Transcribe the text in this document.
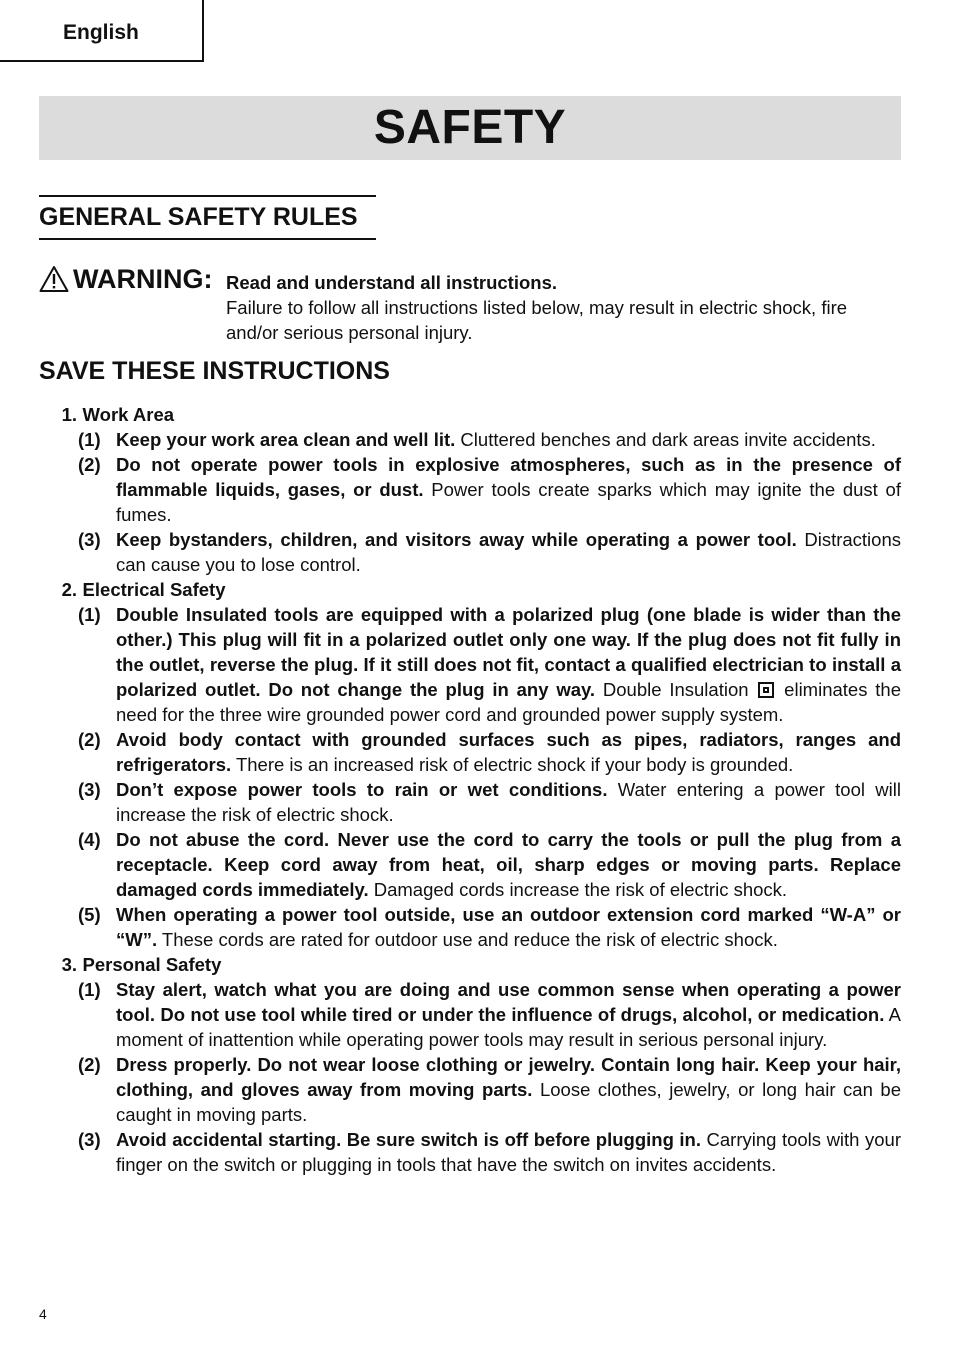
English
SAFETY
GENERAL SAFETY RULES
WARNING: Read and understand all instructions.
Failure to follow all instructions listed below, may result in electric shock, fire and/or serious personal injury.
SAVE THESE INSTRUCTIONS
1. Work Area
(1) Keep your work area clean and well lit. Cluttered benches and dark areas invite accidents.
(2) Do not operate power tools in explosive atmospheres, such as in the presence of flammable liquids, gases, or dust. Power tools create sparks which may ignite the dust of fumes.
(3) Keep bystanders, children, and visitors away while operating a power tool. Distractions can cause you to lose control.
2. Electrical Safety
(1) Double Insulated tools are equipped with a polarized plug (one blade is wider than the other.) This plug will fit in a polarized outlet only one way. If the plug does not fit fully in the outlet, reverse the plug. If it still does not fit, contact a qualified electrician to install a polarized outlet. Do not change the plug in any way. Double Insulation  eliminates the need for the three wire grounded power cord and grounded power supply system.
(2) Avoid body contact with grounded surfaces such as pipes, radiators, ranges and refrigerators. There is an increased risk of electric shock if your body is grounded.
(3) Don’t expose power tools to rain or wet conditions. Water entering a power tool will increase the risk of electric shock.
(4) Do not abuse the cord. Never use the cord to carry the tools or pull the plug from a receptacle. Keep cord away from heat, oil, sharp edges or moving parts. Replace damaged cords immediately. Damaged cords increase the risk of electric shock.
(5) When operating a power tool outside, use an outdoor extension cord marked “W-A” or “W”. These cords are rated for outdoor use and reduce the risk of electric shock.
3. Personal Safety
(1) Stay alert, watch what you are doing and use common sense when operating a power tool. Do not use tool while tired or under the influence of drugs, alcohol, or medication. A moment of inattention while operating power tools may result in serious personal injury.
(2) Dress properly. Do not wear loose clothing or jewelry. Contain long hair. Keep your hair, clothing, and gloves away from moving parts. Loose clothes, jewelry, or long hair can be caught in moving parts.
(3) Avoid accidental starting. Be sure switch is off before plugging in. Carrying tools with your finger on the switch or plugging in tools that have the switch on invites accidents.
4
